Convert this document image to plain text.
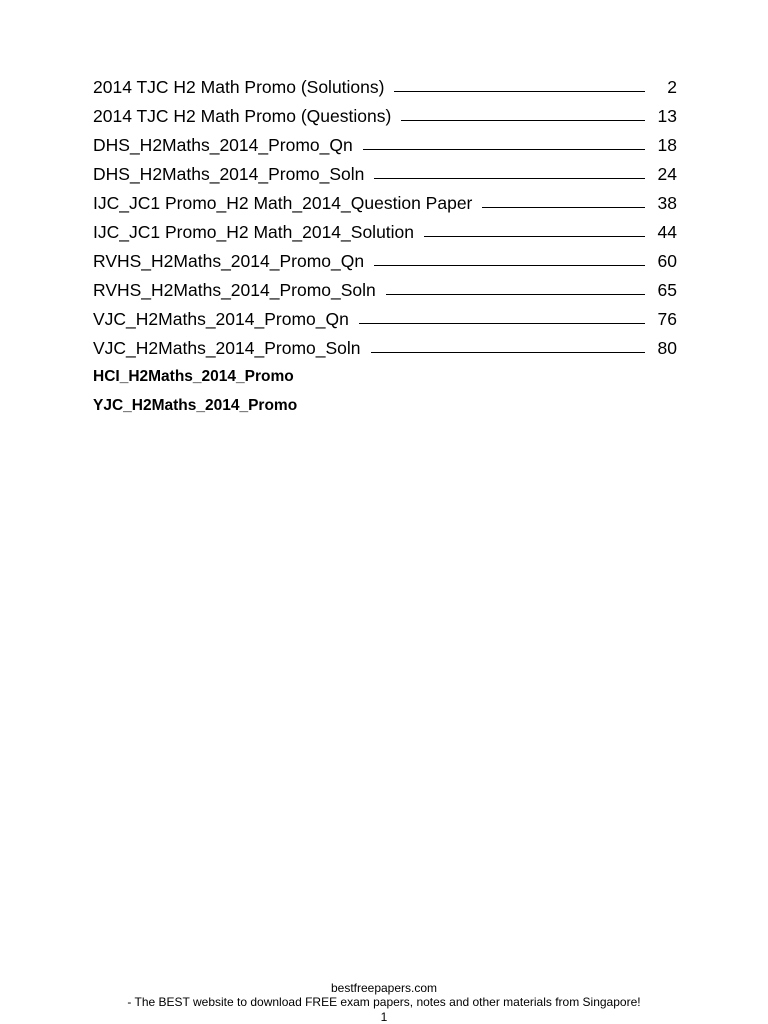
2014 TJC H2 Math Promo (Solutions)	2
2014 TJC H2 Math Promo (Questions)	13
DHS_H2Maths_2014_Promo_Qn	18
DHS_H2Maths_2014_Promo_Soln	24
IJC_JC1 Promo_H2 Math_2014_Question Paper	38
IJC_JC1 Promo_H2 Math_2014_Solution	44
RVHS_H2Maths_2014_Promo_Qn	60
RVHS_H2Maths_2014_Promo_Soln	65
VJC_H2Maths_2014_Promo_Qn	76
VJC_H2Maths_2014_Promo_Soln	80
HCI_H2Maths_2014_Promo
YJC_H2Maths_2014_Promo
bestfreepapers.com
- The BEST website to download FREE exam papers, notes and other materials from Singapore!
1
